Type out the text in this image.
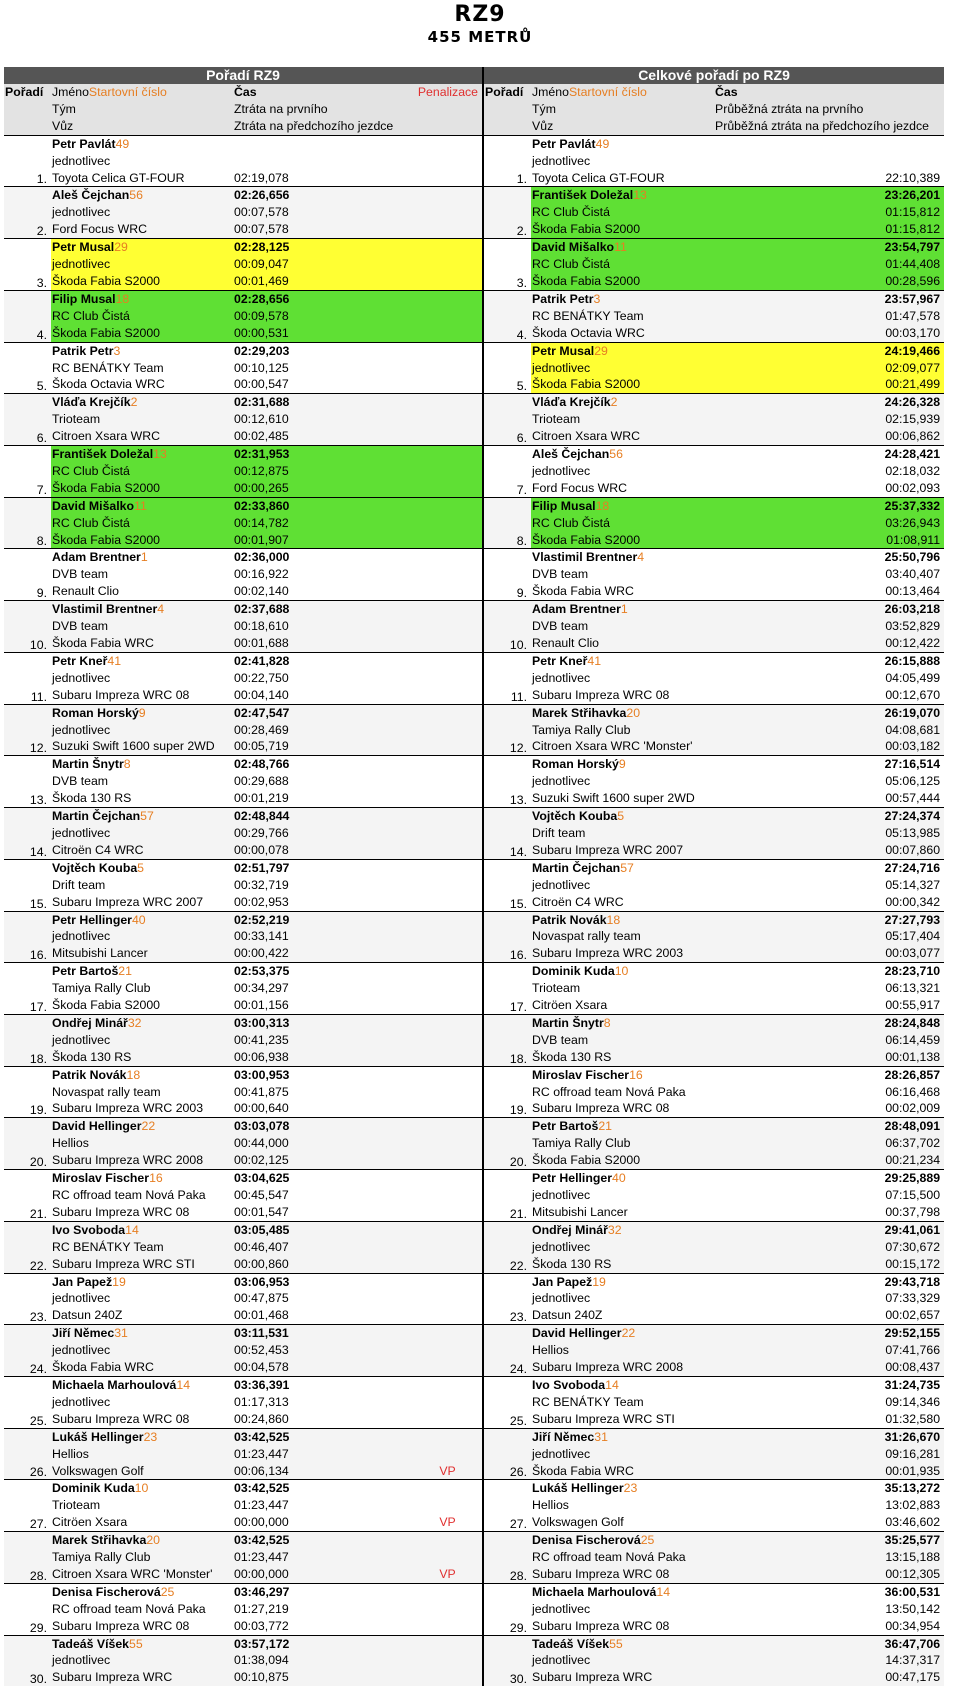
RZ9
455 METRŮ
Pořadí RZ9				Celkové pořadí po RZ9		
Pořadí	JménoStartovní číslo	Čas	Penalizace	Pořadí	JménoStartovní číslo	Čas
	Tým	Ztráta na prvního			Tým	Průběžná ztráta na prvního
	Vůz	Ztráta na předchozího jezdce			Vůz	Průběžná ztráta na předchozího jezdce
	Petr Pavlát49				Petr Pavlát49	
	jednotlivec				jednotlivec	
1.	Toyota Celica GT-FOUR	02:19,078		1.	Toyota Celica GT-FOUR	22:10,389
	Aleš Čejchan56	02:26,656			František Doležal13	23:26,201
	jednotlivec	00:07,578			RC Club Čistá	01:15,812
2.	Ford Focus WRC	00:07,578		2.	Škoda Fabia S2000	01:15,812
	Petr Musal29	02:28,125			David Mišalko11	23:54,797
	jednotlivec	00:09,047			RC Club Čistá	01:44,408
3.	Škoda Fabia S2000	00:01,469		3.	Škoda Fabia S2000	00:28,596
	Filip Musal18	02:28,656			Patrik Petr3	23:57,967
	RC Club Čistá	00:09,578			RC BENÁTKY Team	01:47,578
4.	Škoda Fabia S2000	00:00,531		4.	Škoda Octavia WRC	00:03,170
	Patrik Petr3	02:29,203			Petr Musal29	24:19,466
	RC BENÁTKY Team	00:10,125			jednotlivec	02:09,077
5.	Škoda Octavia WRC	00:00,547		5.	Škoda Fabia S2000	00:21,499
	Vláďa Krejčík2	02:31,688			Vláďa Krejčík2	24:26,328
	Trioteam	00:12,610			Trioteam	02:15,939
6.	Citroen Xsara WRC	00:02,485		6.	Citroen Xsara WRC	00:06,862
	František Doležal13	02:31,953			Aleš Čejchan56	24:28,421
	RC Club Čistá	00:12,875			jednotlivec	02:18,032
7.	Škoda Fabia S2000	00:00,265		7.	Ford Focus WRC	00:02,093
	David Mišalko11	02:33,860			Filip Musal18	25:37,332
	RC Club Čistá	00:14,782			RC Club Čistá	03:26,943
8.	Škoda Fabia S2000	00:01,907		8.	Škoda Fabia S2000	01:08,911
	Adam Brentner1	02:36,000			Vlastimil Brentner4	25:50,796
	DVB team	00:16,922			DVB team	03:40,407
9.	Renault Clio	00:02,140		9.	Škoda Fabia WRC	00:13,464
	Vlastimil Brentner4	02:37,688			Adam Brentner1	26:03,218
	DVB team	00:18,610			DVB team	03:52,829
10.	Škoda Fabia WRC	00:01,688		10.	Renault Clio	00:12,422
	Petr Kneř41	02:41,828			Petr Kneř41	26:15,888
	jednotlivec	00:22,750			jednotlivec	04:05,499
11.	Subaru Impreza WRC 08	00:04,140		11.	Subaru Impreza WRC 08	00:12,670
	Roman Horský9	02:47,547			Marek Střihavka20	26:19,070
	jednotlivec	00:28,469			Tamiya Rally Club	04:08,681
12.	Suzuki Swift 1600 super 2WD	00:05,719		12.	Citroen Xsara WRC 'Monster'	00:03,182
	Martin Šnytr8	02:48,766			Roman Horský9	27:16,514
	DVB team	00:29,688			jednotlivec	05:06,125
13.	Škoda 130 RS	00:01,219		13.	Suzuki Swift 1600 super 2WD	00:57,444
	Martin Čejchan57	02:48,844			Vojtěch Kouba5	27:24,374
	jednotlivec	00:29,766			Drift team	05:13,985
14.	Citroën C4 WRC	00:00,078		14.	Subaru Impreza WRC 2007	00:07,860
	Vojtěch Kouba5	02:51,797			Martin Čejchan57	27:24,716
	Drift team	00:32,719			jednotlivec	05:14,327
15.	Subaru Impreza WRC 2007	00:02,953		15.	Citroën C4 WRC	00:00,342
	Petr Hellinger40	02:52,219			Patrik Novák18	27:27,793
	jednotlivec	00:33,141			Novaspat rally team	05:17,404
16.	Mitsubishi Lancer	00:00,422		16.	Subaru Impreza WRC 2003	00:03,077
	Petr Bartoš21	02:53,375			Dominik Kuda10	28:23,710
	Tamiya Rally Club	00:34,297			Trioteam	06:13,321
17.	Škoda Fabia S2000	00:01,156		17.	Citröen Xsara	00:55,917
	Ondřej Minář32	03:00,313			Martin Šnytr8	28:24,848
	jednotlivec	00:41,235			DVB team	06:14,459
18.	Škoda 130 RS	00:06,938		18.	Škoda 130 RS	00:01,138
	Patrik Novák18	03:00,953			Miroslav Fischer16	28:26,857
	Novaspat rally team	00:41,875			RC offroad team Nová Paka	06:16,468
19.	Subaru Impreza WRC 2003	00:00,640		19.	Subaru Impreza WRC 08	00:02,009
	David Hellinger22	03:03,078			Petr Bartoš21	28:48,091
	Hellios	00:44,000			Tamiya Rally Club	06:37,702
20.	Subaru Impreza WRC 2008	00:02,125		20.	Škoda Fabia S2000	00:21,234
	Miroslav Fischer16	03:04,625			Petr Hellinger40	29:25,889
	RC offroad team Nová Paka	00:45,547			jednotlivec	07:15,500
21.	Subaru Impreza WRC 08	00:01,547		21.	Mitsubishi Lancer	00:37,798
	Ivo Svoboda14	03:05,485			Ondřej Minář32	29:41,061
	RC BENÁTKY Team	00:46,407			jednotlivec	07:30,672
22.	Subaru Impreza WRC STI	00:00,860		22.	Škoda 130 RS	00:15,172
	Jan Papež19	03:06,953			Jan Papež19	29:43,718
	jednotlivec	00:47,875			jednotlivec	07:33,329
23.	Datsun 240Z	00:01,468		23.	Datsun 240Z	00:02,657
	Jiří Němec31	03:11,531			David Hellinger22	29:52,155
	jednotlivec	00:52,453			Hellios	07:41,766
24.	Škoda Fabia WRC	00:04,578		24.	Subaru Impreza WRC 2008	00:08,437
	Michaela Marhoulová14	03:36,391			Ivo Svoboda14	31:24,735
	jednotlivec	01:17,313			RC BENÁTKY Team	09:14,346
25.	Subaru Impreza WRC 08	00:24,860		25.	Subaru Impreza WRC STI	01:32,580
	Lukáš Hellinger23	03:42,525			Jiří Němec31	31:26,670
	Hellios	01:23,447			jednotlivec	09:16,281
26.	Volkswagen Golf	00:06,134	VP	26.	Škoda Fabia WRC	00:01,935
	Dominik Kuda10	03:42,525			Lukáš Hellinger23	35:13,272
	Trioteam	01:23,447			Hellios	13:02,883
27.	Citröen Xsara	00:00,000	VP	27.	Volkswagen Golf	03:46,602
	Marek Střihavka20	03:42,525			Denisa Fischerová25	35:25,577
	Tamiya Rally Club	01:23,447			RC offroad team Nová Paka	13:15,188
28.	Citroen Xsara WRC 'Monster'	00:00,000	VP	28.	Subaru Impreza WRC 08	00:12,305
	Denisa Fischerová25	03:46,297			Michaela Marhoulová14	36:00,531
	RC offroad team Nová Paka	01:27,219			jednotlivec	13:50,142
29.	Subaru Impreza WRC 08	00:03,772		29.	Subaru Impreza WRC 08	00:34,954
	Tadeáš Víšek55	03:57,172			Tadeáš Víšek55	36:47,706
	jednotlivec	01:38,094			jednotlivec	14:37,317
30.	Subaru Impreza WRC	00:10,875		30.	Subaru Impreza WRC	00:47,175
